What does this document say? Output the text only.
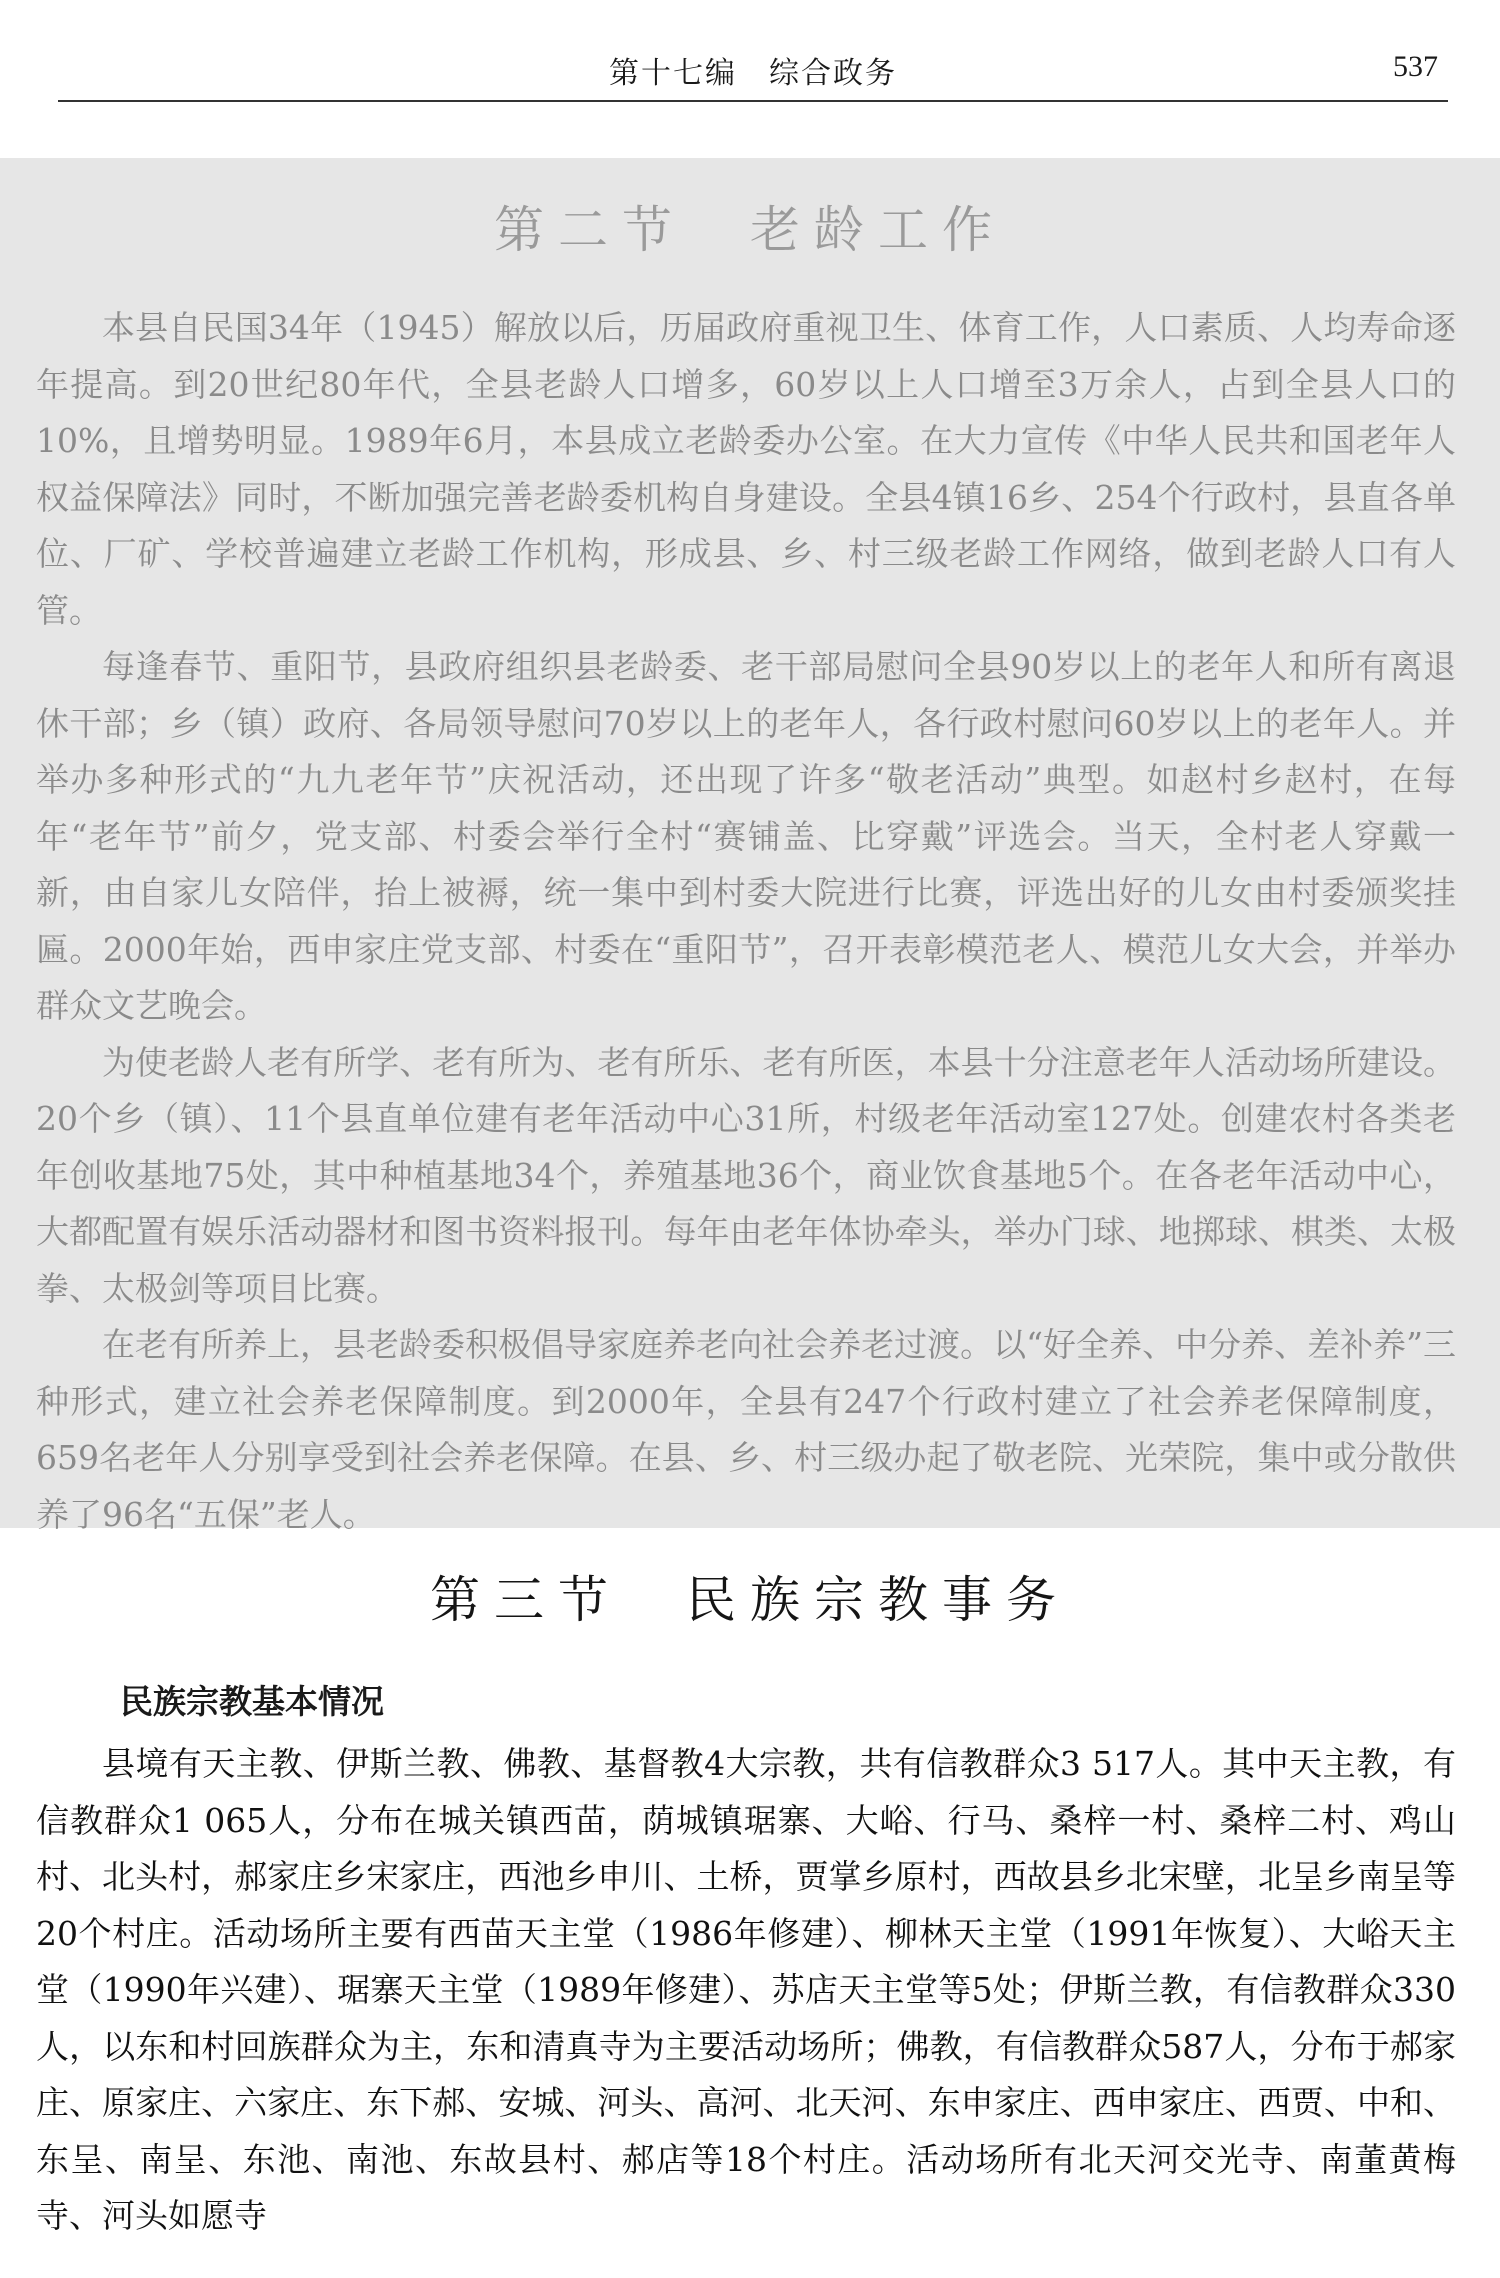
第十七编　综合政务	537
第二节　老龄工作

本县自民国34年（1945）解放以后，历届政府重视卫生、体育工作，人口素质、人均寿命逐年提高。到20世纪80年代，全县老龄人口增多，60岁以上人口增至3万余人，占到全县人口的10%，且增势明显。1989年6月，本县成立老龄委办公室。在大力宣传《中华人民共和国老年人权益保障法》同时，不断加强完善老龄委机构自身建设。全县4镇16乡、254个行政村，县直各单位、厂矿、学校普遍建立老龄工作机构，形成县、乡、村三级老龄工作网络，做到老龄人口有人管。

每逢春节、重阳节，县政府组织县老龄委、老干部局慰问全县90岁以上的老年人和所有离退休干部；乡（镇）政府、各局领导慰问70岁以上的老年人，各行政村慰问60岁以上的老年人。并举办多种形式的“九九老年节”庆祝活动，还出现了许多“敬老活动”典型。如赵村乡赵村，在每年“老年节”前夕，党支部、村委会举行全村“赛铺盖、比穿戴”评选会。当天，全村老人穿戴一新，由自家儿女陪伴，抬上被褥，统一集中到村委大院进行比赛，评选出好的儿女由村委颁奖挂匾。2000年始，西申家庄党支部、村委在“重阳节”，召开表彰模范老人、模范儿女大会，并举办群众文艺晚会。

为使老龄人老有所学、老有所为、老有所乐、老有所医，本县十分注意老年人活动场所建设。20个乡（镇）、11个县直单位建有老年活动中心31所，村级老年活动室127处。创建农村各类老年创收基地75处，其中种植基地34个，养殖基地36个，商业饮食基地5个。在各老年活动中心，大都配置有娱乐活动器材和图书资料报刊。每年由老年体协牵头，举办门球、地掷球、棋类、太极拳、太极剑等项目比赛。

在老有所养上，县老龄委积极倡导家庭养老向社会养老过渡。以“好全养、中分养、差补养”三种形式，建立社会养老保障制度。到2000年，全县有247个行政村建立了社会养老保障制度，659名老年人分别享受到社会养老保障。在县、乡、村三级办起了敬老院、光荣院，集中或分散供养了96名“五保”老人。

第三节　民族宗教事务
民族宗教基本情况

县境有天主教、伊斯兰教、佛教、基督教4大宗教，共有信教群众3 517人。其中天主教，有信教群众1 065人，分布在城关镇西苗，荫城镇琚寨、大峪、行马、桑梓一村、桑梓二村、鸡山村、北头村，郝家庄乡宋家庄，西池乡申川、土桥，贾掌乡原村，西故县乡北宋壁，北呈乡南呈等20个村庄。活动场所主要有西苗天主堂（1986年修建）、柳林天主堂（1991年恢复）、大峪天主堂（1990年兴建）、琚寨天主堂（1989年修建）、苏店天主堂等5处；伊斯兰教，有信教群众330人，以东和村回族群众为主，东和清真寺为主要活动场所；佛教，有信教群众587人，分布于郝家庄、原家庄、六家庄、东下郝、安城、河头、高河、北天河、东申家庄、西申家庄、西贾、中和、东呈、南呈、东池、南池、东故县村、郝店等18个村庄。活动场所有北天河交光寺、南董黄梅寺、河头如愿寺
